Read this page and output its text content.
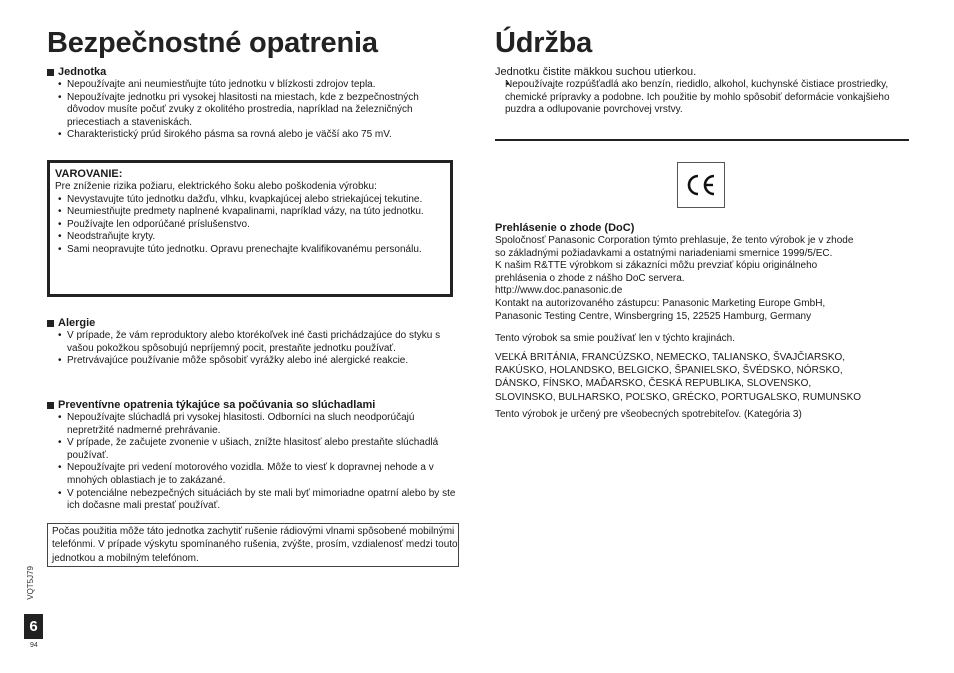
Bezpečnostné opatrenia
Jednotka
• Nepoužívajte ani neumiestňujte túto jednotku v blízkosti zdrojov tepla.
• Nepoužívajte jednotku pri vysokej hlasitosti na miestach, kde z bezpečnostných dôvodov musíte počuť zvuky z okolitého prostredia, napríklad na železničných priecestiach a staveniskách.
• Charakteristický prúd širokého pásma sa rovná alebo je väčší ako 75 mV.
VAROVANIE:
Pre zníženie rizika požiaru, elektrického šoku alebo poškodenia výrobku:
• Nevystavujte túto jednotku dažďu, vlhku, kvapkajúcej alebo striekajúcej tekutine.
• Neumiestňujte predmety naplnené kvapalinami, napríklad vázy, na túto jednotku.
• Používajte len odporúčané príslušenstvo.
• Neodstraňujte kryty.
• Sami neopravujte túto jednotku. Opravu prenechajte kvalifikovanému personálu.
Alergie
• V prípade, že vám reproduktory alebo ktorékoľvek iné časti prichádzajúce do styku s vašou pokožkou spôsobujú nepríjemný pocit, prestaňte jednotku používať.
• Pretrvávajúce používanie môže spôsobiť vyrážky alebo iné alergické reakcie.
Preventívne opatrenia týkajúce sa počúvania so slúchadlami
• Nepoužívajte slúchadlá pri vysokej hlasitosti. Odborníci na sluch neodporúčajú nepretržité nadmerné prehrávanie.
• V prípade, že začujete zvonenie v ušiach, znížte hlasitosť alebo prestaňte slúchadlá používať.
• Nepoužívajte pri vedení motorového vozidla. Môže to viesť k dopravnej nehode a v mnohých oblastiach je to zakázané.
• V potenciálne nebezpečných situáciách by ste mali byť mimoriadne opatrní alebo by ste ich dočasne mali prestať používať.
Počas použitia môže táto jednotka zachytiť rušenie rádiovými vlnami spôsobené mobilnými telefónmi. V prípade výskytu spomínaného rušenia, zvýšte, prosím, vzdialenosť medzi touto jednotkou a mobilným telefónom.
Údržba

Jednotku čistite mäkkou suchou utierkou.

• Nepoužívajte rozpúšťadlá ako benzín, riedidlo, alkohol, kuchynské čistiace prostriedky, chemické prípravky a podobne. Ich použitie by mohlo spôsobiť deformácie vonkajšieho puzdra a odlupovanie povrchovej vrstvy.
Prehlásenie o zhode (DoC)

Spoločnosť Panasonic Corporation týmto prehlasuje, že tento výrobok je v zhode

so základnými požiadavkami a ostatnými nariadeniami smernice 1999/5/EC.

K našim R&TTE výrobkom si zákazníci môžu prevziať kópiu originálneho

prehlásenia o zhode z nášho DoC servera.

http://www.doc.panasonic.de

Kontakt na autorizovaného zástupcu: Panasonic Marketing Europe GmbH,

Panasonic Testing Centre, Winsbergring 15, 22525 Hamburg, Germany

Tento výrobok sa smie používať len v týchto krajinách.

VEĽKÁ BRITÁNIA, FRANCÚZSKO, NEMECKO, TALIANSKO, ŠVAJČIARSKO,

RAKÚSKO, HOLANDSKO, BELGICKO, ŠPANIELSKO, ŠVÉDSKO, NÓRSKO,

DÁNSKO, FÍNSKO, MAĎARSKO, ČESKÁ REPUBLIKA, SLOVENSKO,

SLOVINSKO, BULHARSKO, POĽSKO, GRÉCKO, PORTUGALSKO, RUMUNSKO

Tento výrobok je určený pre všeobecných spotrebiteľov. (Kategória 3)

VQT5J79
6
94
